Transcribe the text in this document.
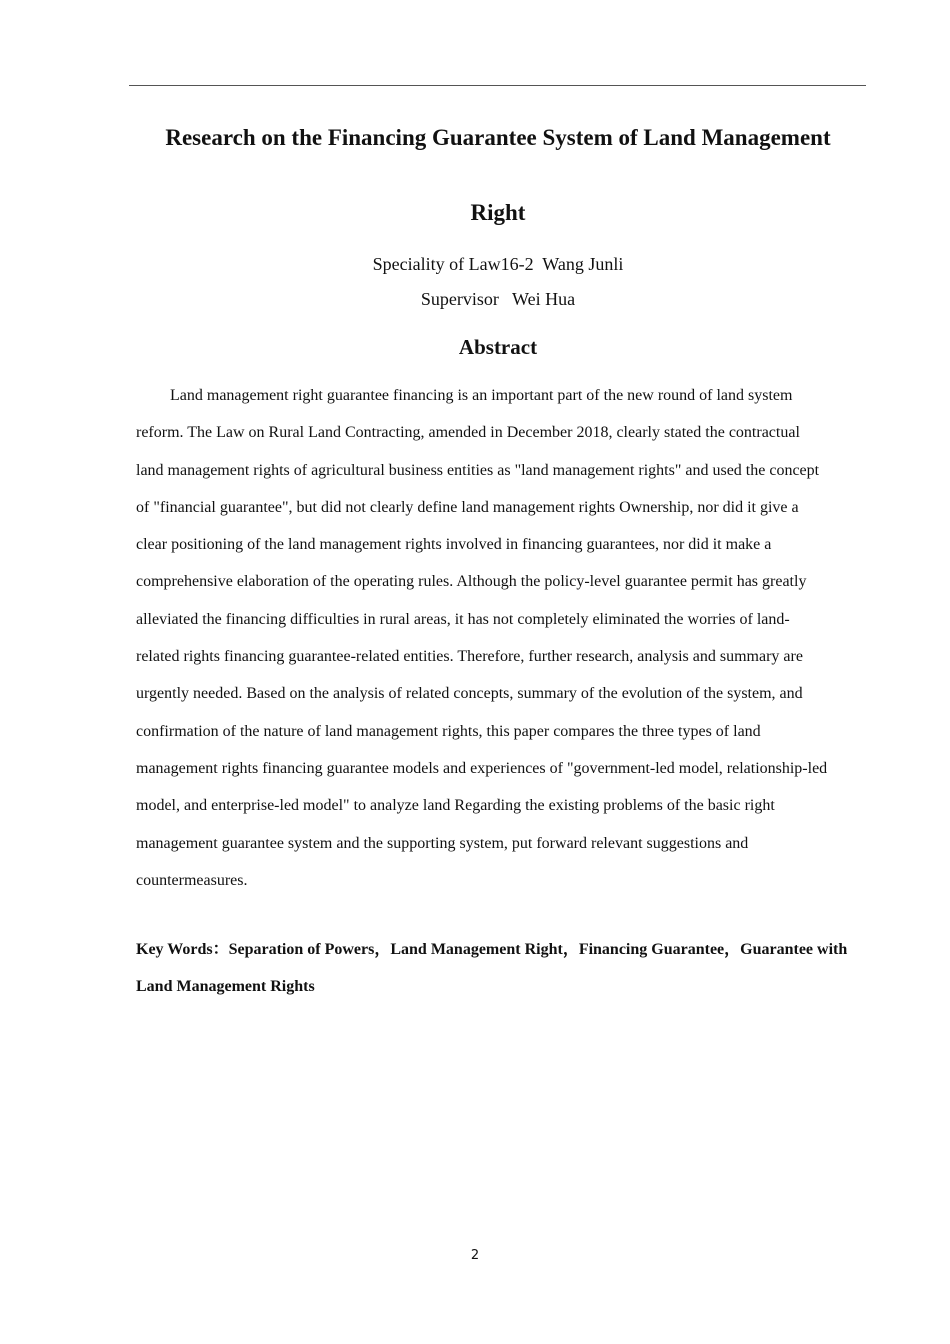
Research on the Financing Guarantee System of Land Management
Right
Speciality of Law16-2  Wang Junli
Supervisor   Wei Hua
Abstract
Land management right guarantee financing is an important part of the new round of land system
reform. The Law on Rural Land Contracting, amended in December 2018, clearly stated the contractual
land management rights of agricultural business entities as "land management rights" and used the concept
of "financial guarantee", but did not clearly define land management rights Ownership, nor did it give a
clear positioning of the land management rights involved in financing guarantees, nor did it make a
comprehensive elaboration of the operating rules. Although the policy-level guarantee permit has greatly
alleviated the financing difficulties in rural areas, it has not completely eliminated the worries of land-
related rights financing guarantee-related entities. Therefore, further research, analysis and summary are
urgently needed. Based on the analysis of related concepts, summary of the evolution of the system, and
confirmation of the nature of land management rights, this paper compares the three types of land
management rights financing guarantee models and experiences of "government-led model, relationship-led
model, and enterprise-led model" to analyze land Regarding the existing problems of the basic right
management guarantee system and the supporting system, put forward relevant suggestions and
countermeasures.
Key Words：Separation of Powers，Land Management Right，Financing Guarantee，Guarantee with
Land Management Rights
2
